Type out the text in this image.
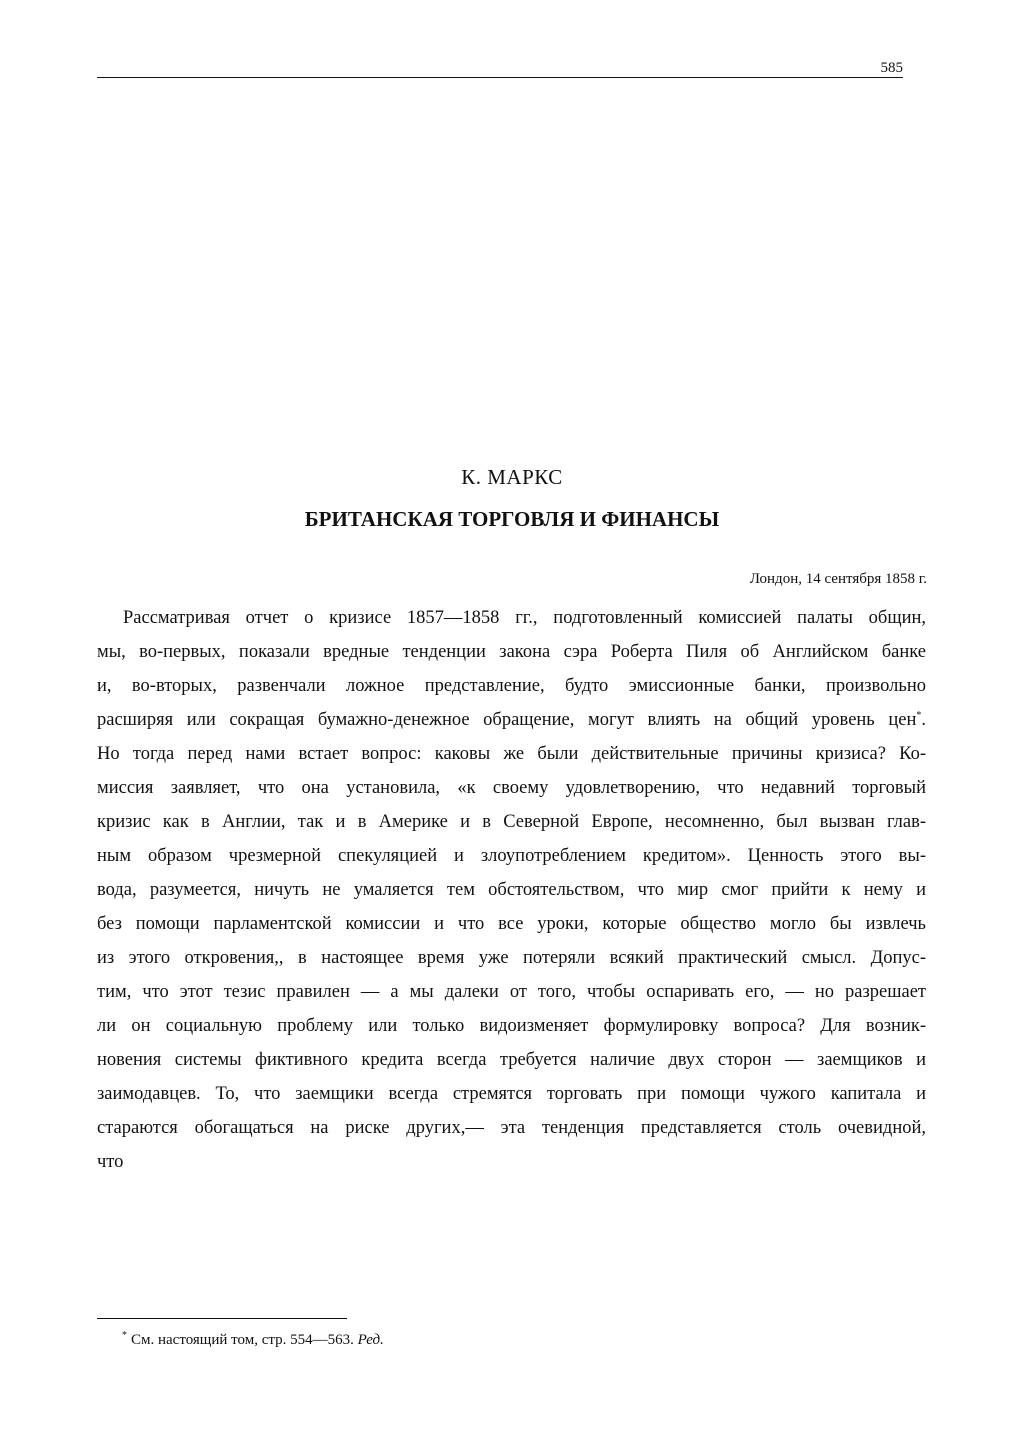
585
К. МАРКС
БРИТАНСКАЯ ТОРГОВЛЯ И ФИНАНСЫ
Лондон, 14 сентября 1858 г.
Рассматривая отчет о кризисе 1857—1858 гг., подготовленный комиссией палаты общин,
мы, во-первых, показали вредные тенденции закона сэра Роберта Пиля об Английском банке
и, во-вторых, развенчали ложное представление, будто эмиссионные банки, произвольно
расширяя или сокращая бумажно-денежное обращение, могут влиять на общий уровень цен*.
Но тогда перед нами встает вопрос: каковы же были действительные причины кризиса? Ко-
миссия заявляет, что она установила, «к своему удовлетворению, что недавний торговый
кризис как в Англии, так и в Америке и в Северной Европе, несомненно, был вызван глав-
ным образом чрезмерной спекуляцией и злоупотреблением кредитом». Ценность этого вы-
вода, разумеется, ничуть не умаляется тем обстоятельством, что мир смог прийти к нему и
без помощи парламентской комиссии и что все уроки, которые общество могло бы извлечь
из этого откровения,, в настоящее время уже потеряли всякий практический смысл. Допус-
тим, что этот тезис правилен — а мы далеки от того, чтобы оспаривать его, — но разрешает
ли он социальную проблему или только видоизменяет формулировку вопроса? Для возник-
новения системы фиктивного кредита всегда требуется наличие двух сторон — заемщиков и
заимодавцев. То, что заемщики всегда стремятся торговать при помощи чужого капитала и
стараются обогащаться на риске других,— эта тенденция представляется столь очевидной,
что
* См. настоящий том, стр. 554—563. Ред.
